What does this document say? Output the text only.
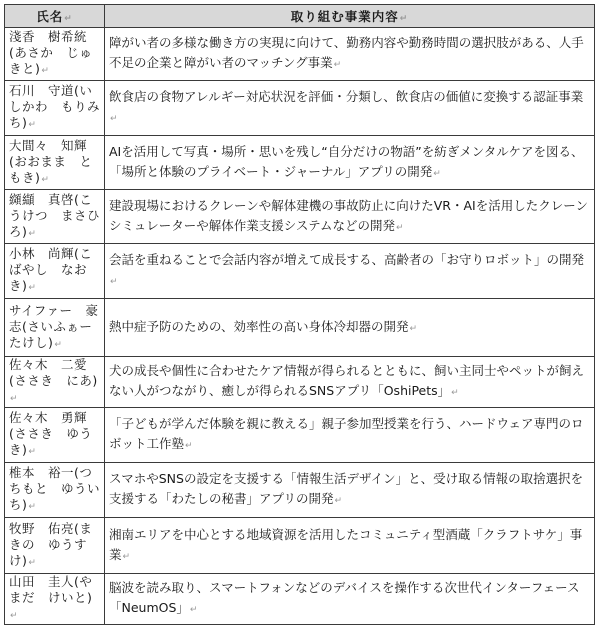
氏名↵	取り組む事業内容↵
淺香　樹希統(あさか　じゅきと)↵	障がい者の多様な働き方の実現に向けて、勤務内容や勤務時間の選択肢がある、人手不足の企業と障がい者のマッチング事業↵
石川　守道(いしかわ　もりみち)↵	飲食店の食物アレルギー対応状況を評価・分類し、飲食店の価値に変換する認証事業↵
大間々　知輝(おおまま　ともき)↵	AIを活用して写真・場所・思いを残し“自分だけの物語”を紡ぎメンタルケアを図る、「場所と体験のプライベート・ジャーナル」アプリの開発↵
纐纈　真啓(こうけつ　まさひろ)↵	建設現場におけるクレーンや解体建機の事故防止に向けたVR・AIを活用したクレーンシミュレーターや解体作業支援システムなどの開発↵
小林　尚輝(こばやし　なおき)↵	会話を重ねることで会話内容が増えて成長する、高齢者の「お守りロボット」の開発↵
サイファー　豪志(さいふぁーたけし)↵	熱中症予防のための、効率性の高い身体冷却器の開発↵
佐々木　二愛(ささき　にあ)↵	犬の成長や個性に合わせたケア情報が得られるとともに、飼い主同士やペットが飼えない人がつながり、癒しが得られるSNSアプリ「OshiPets」↵
佐々木　勇輝(ささき　ゆうき)↵	「子どもが学んだ体験を親に教える」親子参加型授業を行う、ハードウェア専門のロボット工作塾↵
椎本　裕一(つちもと　ゆういち)↵	スマホやSNSの設定を支援する「情報生活デザイン」と、受け取る情報の取捨選択を支援する「わたしの秘書」アプリの開発↵
牧野　佑亮(まきの　ゆうすけ)↵	湘南エリアを中心とする地域資源を活用したコミュニティ型酒蔵「クラフトサケ」事業↵
山田　圭人(やまだ　けいと)↵	脳波を読み取り、スマートフォンなどのデバイスを操作する次世代インターフェース「NeumOS」↵
